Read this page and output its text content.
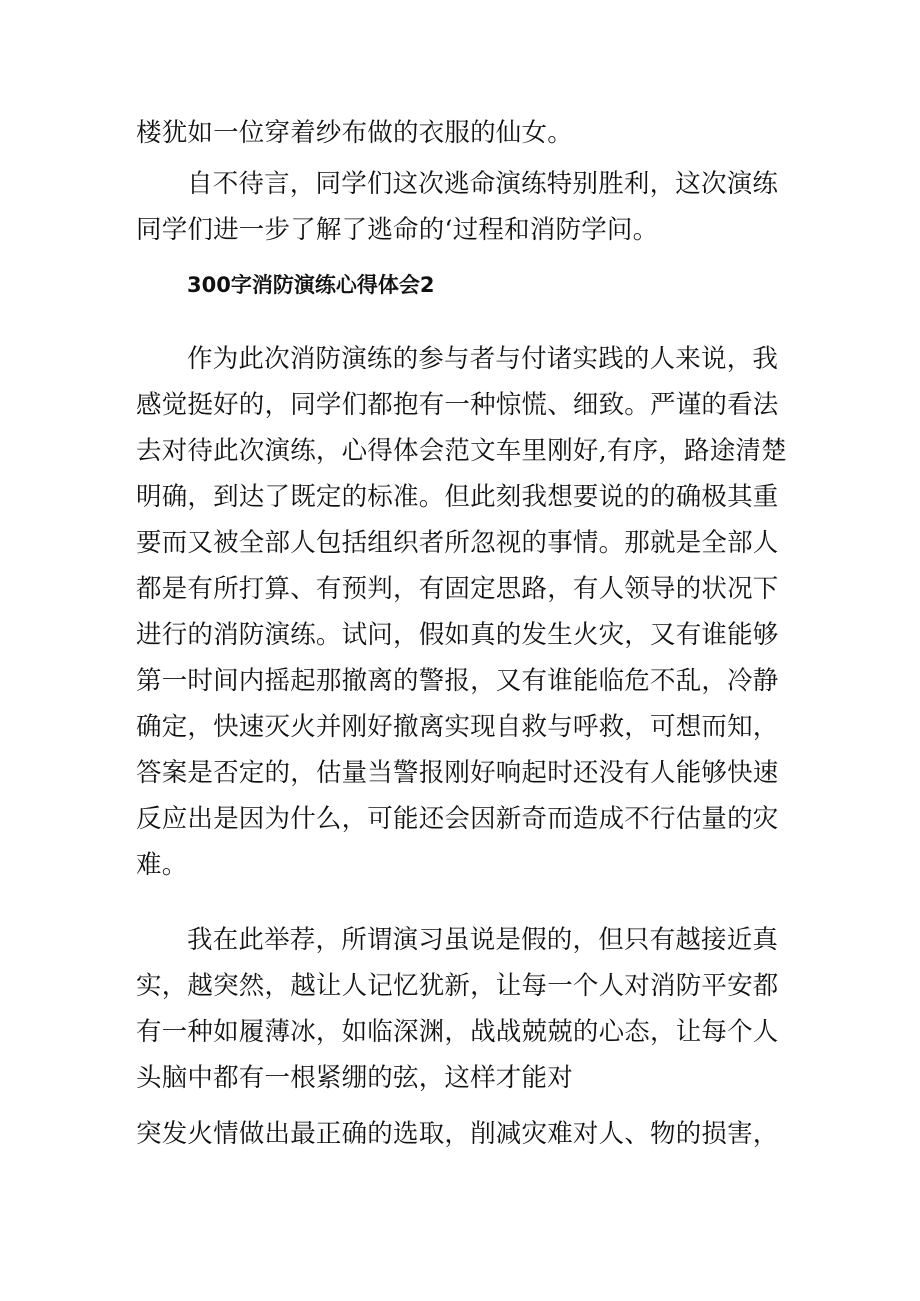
楼犹如一位穿着纱布做的衣服的仙女。
自不待言，同学们这次逃命演练特别胜利，这次演练
同学们进一步了解了逃命的‘过程和消防学问。
300字消防演练心得体会2
作为此次消防演练的参与者与付诸实践的人来说，我
感觉挺好的，同学们都抱有一种惊慌、细致。严谨的看法
去对待此次演练，心得体会范文车里刚好,有序，路途清楚
明确，到达了既定的标准。但此刻我想要说的的确极其重
要而又被全部人包括组织者所忽视的事情。那就是全部人
都是有所打算、有预判，有固定思路，有人领导的状况下
进行的消防演练。试问，假如真的发生火灾，又有谁能够
第一时间内摇起那撤离的警报，又有谁能临危不乱，冷静
确定，快速灭火并刚好撤离实现自救与呼救，可想而知，
答案是否定的，估量当警报刚好响起时还没有人能够快速
反应出是因为什么，可能还会因新奇而造成不行估量的灾
难。
我在此举荐，所谓演习虽说是假的，但只有越接近真
实，越突然，越让人记忆犹新，让每一个人对消防平安都
有一种如履薄冰，如临深渊，战战兢兢的心态，让每个人
头脑中都有一根紧绷的弦，这样才能对
突发火情做出最正确的选取，削减灾难对人、物的损害，
